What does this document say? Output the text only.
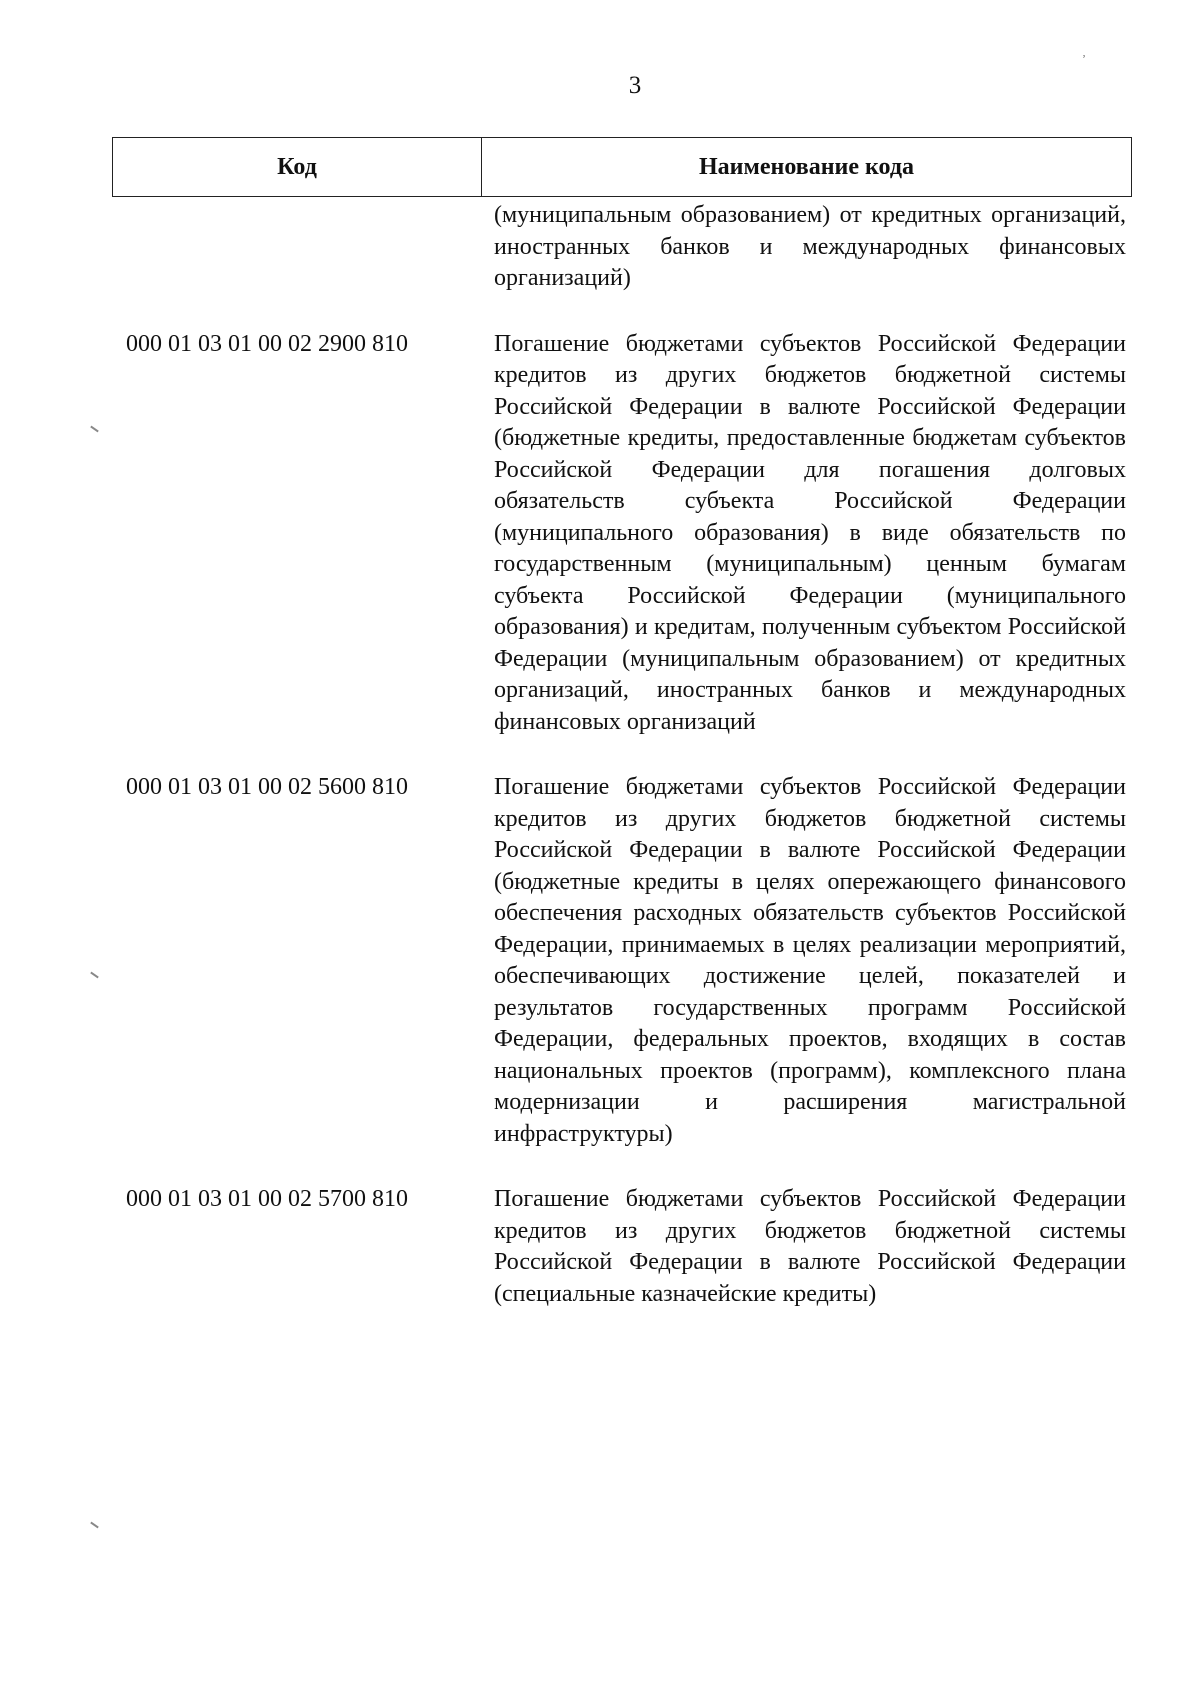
3
Код	Наименование кода
(муниципальным образованием) от кредитных организаций, иностранных банков и международных финансовых организаций)
000 01 03 01 00 02 2900 810	Погашение бюджетами субъектов Российской Федерации кредитов из других бюджетов бюджетной системы Российской Федерации в валюте Российской Федерации (бюджетные кредиты, предоставленные бюджетам субъектов Российской Федерации для погашения долговых обязательств субъекта Российской Федерации (муниципального образования) в виде обязательств по государственным (муниципальным) ценным бумагам субъекта Российской Федерации (муниципального образования) и кредитам, полученным субъектом Российской Федерации (муниципальным образованием) от кредитных организаций, иностранных банков и международных финансовых организаций
000 01 03 01 00 02 5600 810	Погашение бюджетами субъектов Российской Федерации кредитов из других бюджетов бюджетной системы Российской Федерации в валюте Российской Федерации (бюджетные кредиты в целях опережающего финансового обеспечения расходных обязательств субъектов Российской Федерации, принимаемых в целях реализации мероприятий, обеспечивающих достижение целей, показателей и результатов государственных программ Российской Федерации, федеральных проектов, входящих в состав национальных проектов (программ), комплексного плана модернизации и расширения магистральной инфраструктуры)
000 01 03 01 00 02 5700 810	Погашение бюджетами субъектов Российской Федерации кредитов из других бюджетов бюджетной системы Российской Федерации в валюте Российской Федерации (специальные казначейские кредиты)
ʼ
